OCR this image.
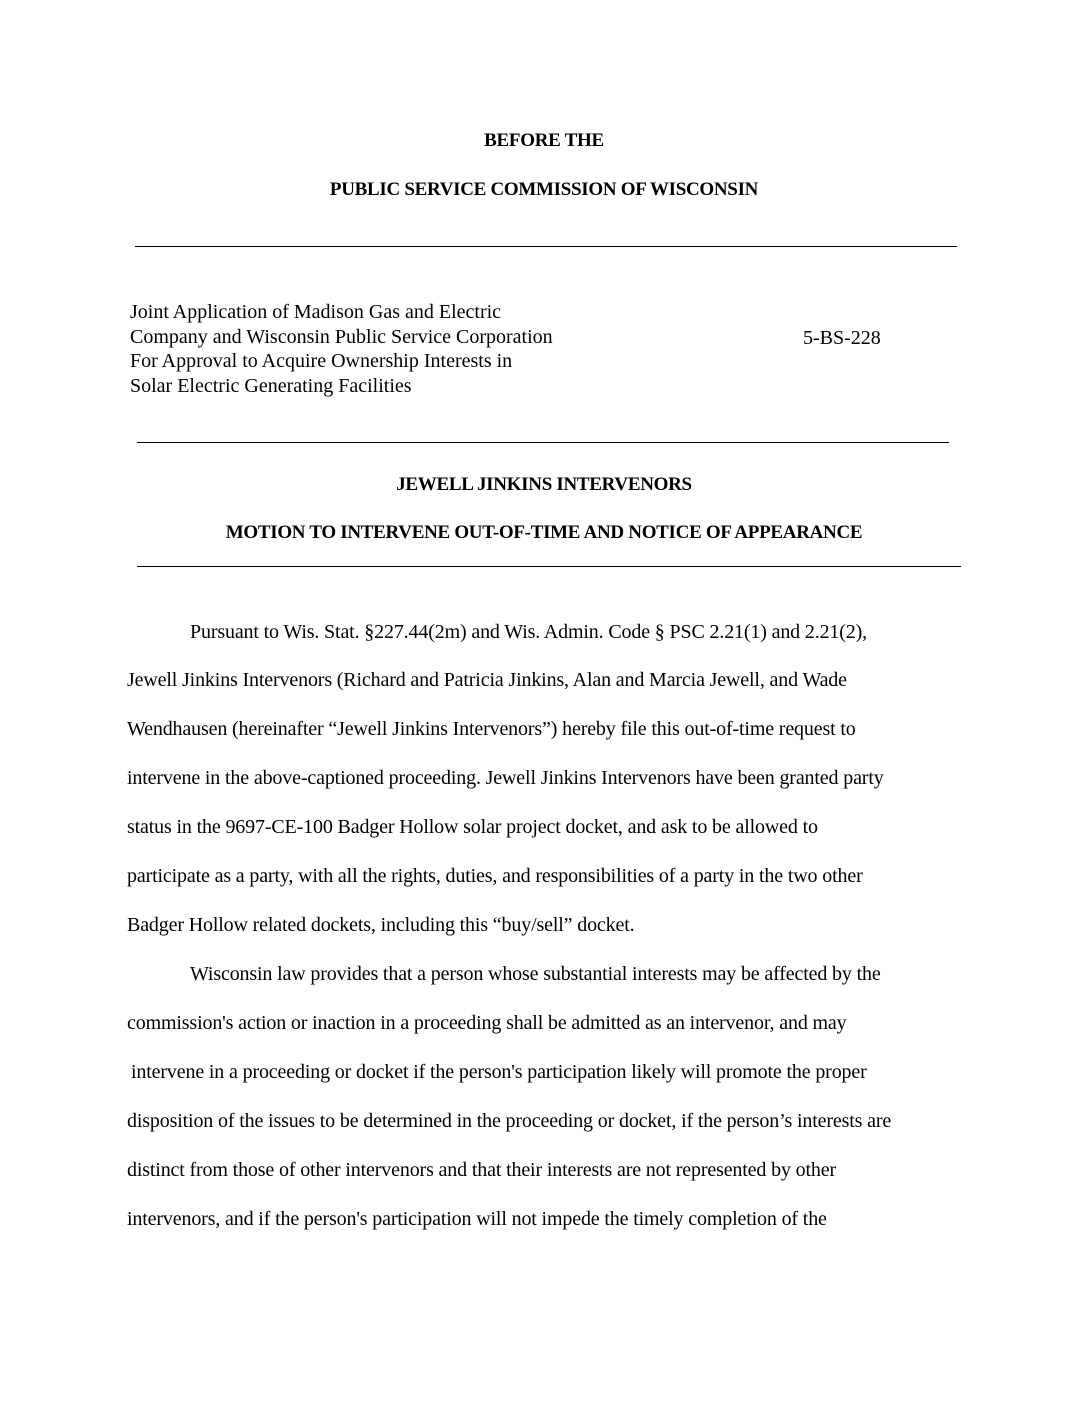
BEFORE THE
PUBLIC SERVICE COMMISSION OF WISCONSIN
Joint Application of Madison Gas and Electric
Company and Wisconsin Public Service Corporation
For Approval to Acquire Ownership Interests in
Solar Electric Generating Facilities
5-BS-228
JEWELL JINKINS INTERVENORS
MOTION TO INTERVENE OUT-OF-TIME AND NOTICE OF APPEARANCE
Pursuant to Wis. Stat. §227.44(2m) and Wis. Admin. Code § PSC 2.21(1) and 2.21(2),
Jewell Jinkins Intervenors (Richard and Patricia Jinkins, Alan and Marcia Jewell, and Wade
Wendhausen (hereinafter “Jewell Jinkins Intervenors”) hereby file this out-of-time request to
intervene in the above-captioned proceeding. Jewell Jinkins Intervenors have been granted party
status in the 9697-CE-100 Badger Hollow solar project docket, and ask to be allowed to
participate as a party, with all the rights, duties, and responsibilities of a party in the two other
Badger Hollow related dockets, including this “buy/sell” docket.
Wisconsin law provides that a person whose substantial interests may be affected by the
commission's action or inaction in a proceeding shall be admitted as an intervenor, and may
intervene in a proceeding or docket if the person's participation likely will promote the proper
disposition of the issues to be determined in the proceeding or docket, if the person’s interests are
distinct from those of other intervenors and that their interests are not represented by other
intervenors, and if the person's participation will not impede the timely completion of the
